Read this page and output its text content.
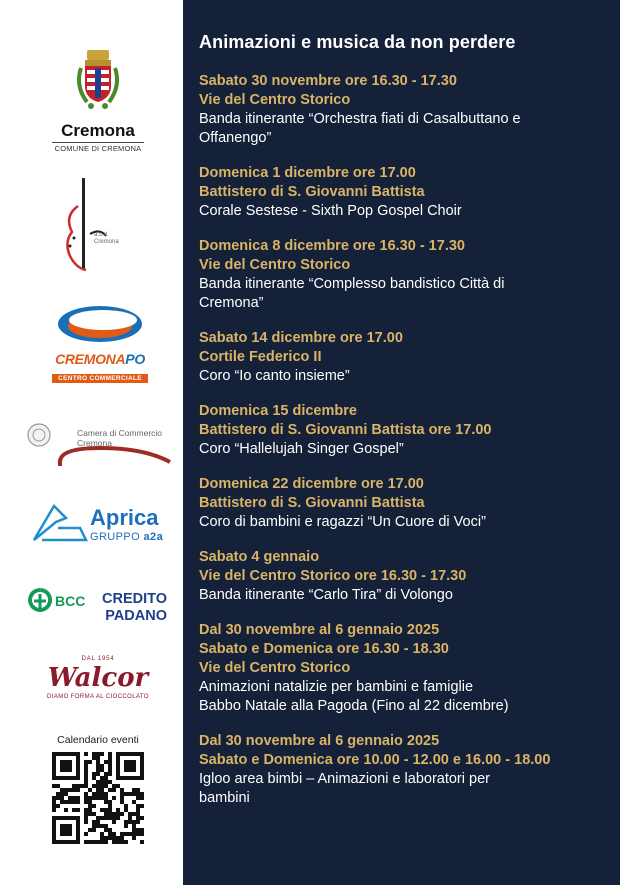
Cremona
COMUNE DI CREMONA
a.s.d.
Cremona
CREMONAPO
CENTRO COMMERCIALE
Camera di Commercio
Cremona
Aprica
GRUPPO a2a
BCC	CREDITO
PADANO
DAL 1954
Walcor
DIAMO FORMA AL CIOCCOLATO
Calendario eventi
Animazioni e musica da non perdere
Sabato 30 novembre ore 16.30 - 17.30
Vie del Centro Storico
Banda itinerante “Orchestra fiati di Casalbuttano e
Offanengo”
Domenica 1 dicembre ore 17.00
Battistero di S. Giovanni Battista
Corale Sestese - Sixth Pop Gospel Choir
Domenica 8 dicembre ore 16.30 - 17.30
Vie del Centro Storico
Banda itinerante “Complesso bandistico Città di
Cremona”
Sabato 14 dicembre ore 17.00
Cortile Federico II
Coro “Io canto insieme”
Domenica 15 dicembre
Battistero di S. Giovanni Battista ore 17.00
Coro “Hallelujah Singer Gospel”
Domenica 22 dicembre ore 17.00
Battistero di S. Giovanni Battista
Coro di bambini e ragazzi “Un Cuore di Voci”
Sabato 4 gennaio
Vie del Centro Storico ore 16.30 - 17.30
Banda itinerante “Carlo Tira” di Volongo
Dal 30 novembre al 6 gennaio 2025
Sabato e Domenica ore 16.30 - 18.30
Vie del Centro Storico
Animazioni natalizie per bambini e famiglie
Babbo Natale alla Pagoda (Fino al 22 dicembre)
Dal 30 novembre al 6 gennaio 2025
Sabato e Domenica ore 10.00 - 12.00 e 16.00 - 18.00
Igloo area bimbi – Animazioni e laboratori per
bambini
